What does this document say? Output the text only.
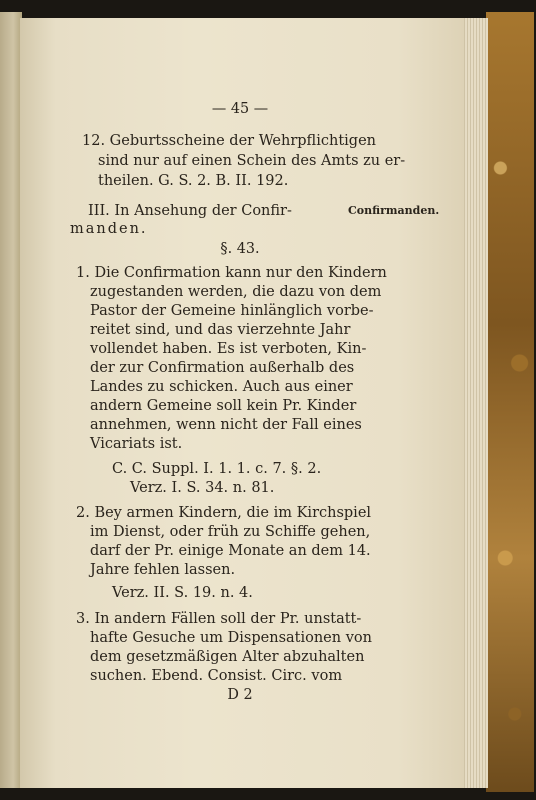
— 45 —
12. Geburtsscheine der Wehrpflichtigen
sind nur auf einen Schein des Amts zu er-
theilen. G. S. 2. B. II. 192.
III. In Ansehung der Confir-
manden.
Confirmanden.
§. 43.
1. Die Confirmation kann nur den Kindern
zugestanden werden, die dazu von dem
Pastor der Gemeine hinlänglich vorbe-
reitet sind, und das vierzehnte Jahr
vollendet haben. Es ist verboten, Kin-
der zur Confirmation außerhalb des
Landes zu schicken. Auch aus einer
andern Gemeine soll kein Pr. Kinder
annehmen, wenn nicht der Fall eines
Vicariats ist.
C. C. Suppl. I. 1. 1. c. 7. §. 2.
Verz. I. S. 34. n. 81.
2. Bey armen Kindern, die im Kirchspiel
im Dienst, oder früh zu Schiffe gehen,
darf der Pr. einige Monate an dem 14.
Jahre fehlen lassen.
Verz. II. S. 19. n. 4.
3. In andern Fällen soll der Pr. unstatt-
hafte Gesuche um Dispensationen von
dem gesetzmäßigen Alter abzuhalten
suchen. Ebend. Consist. Circ. vom
D 2
